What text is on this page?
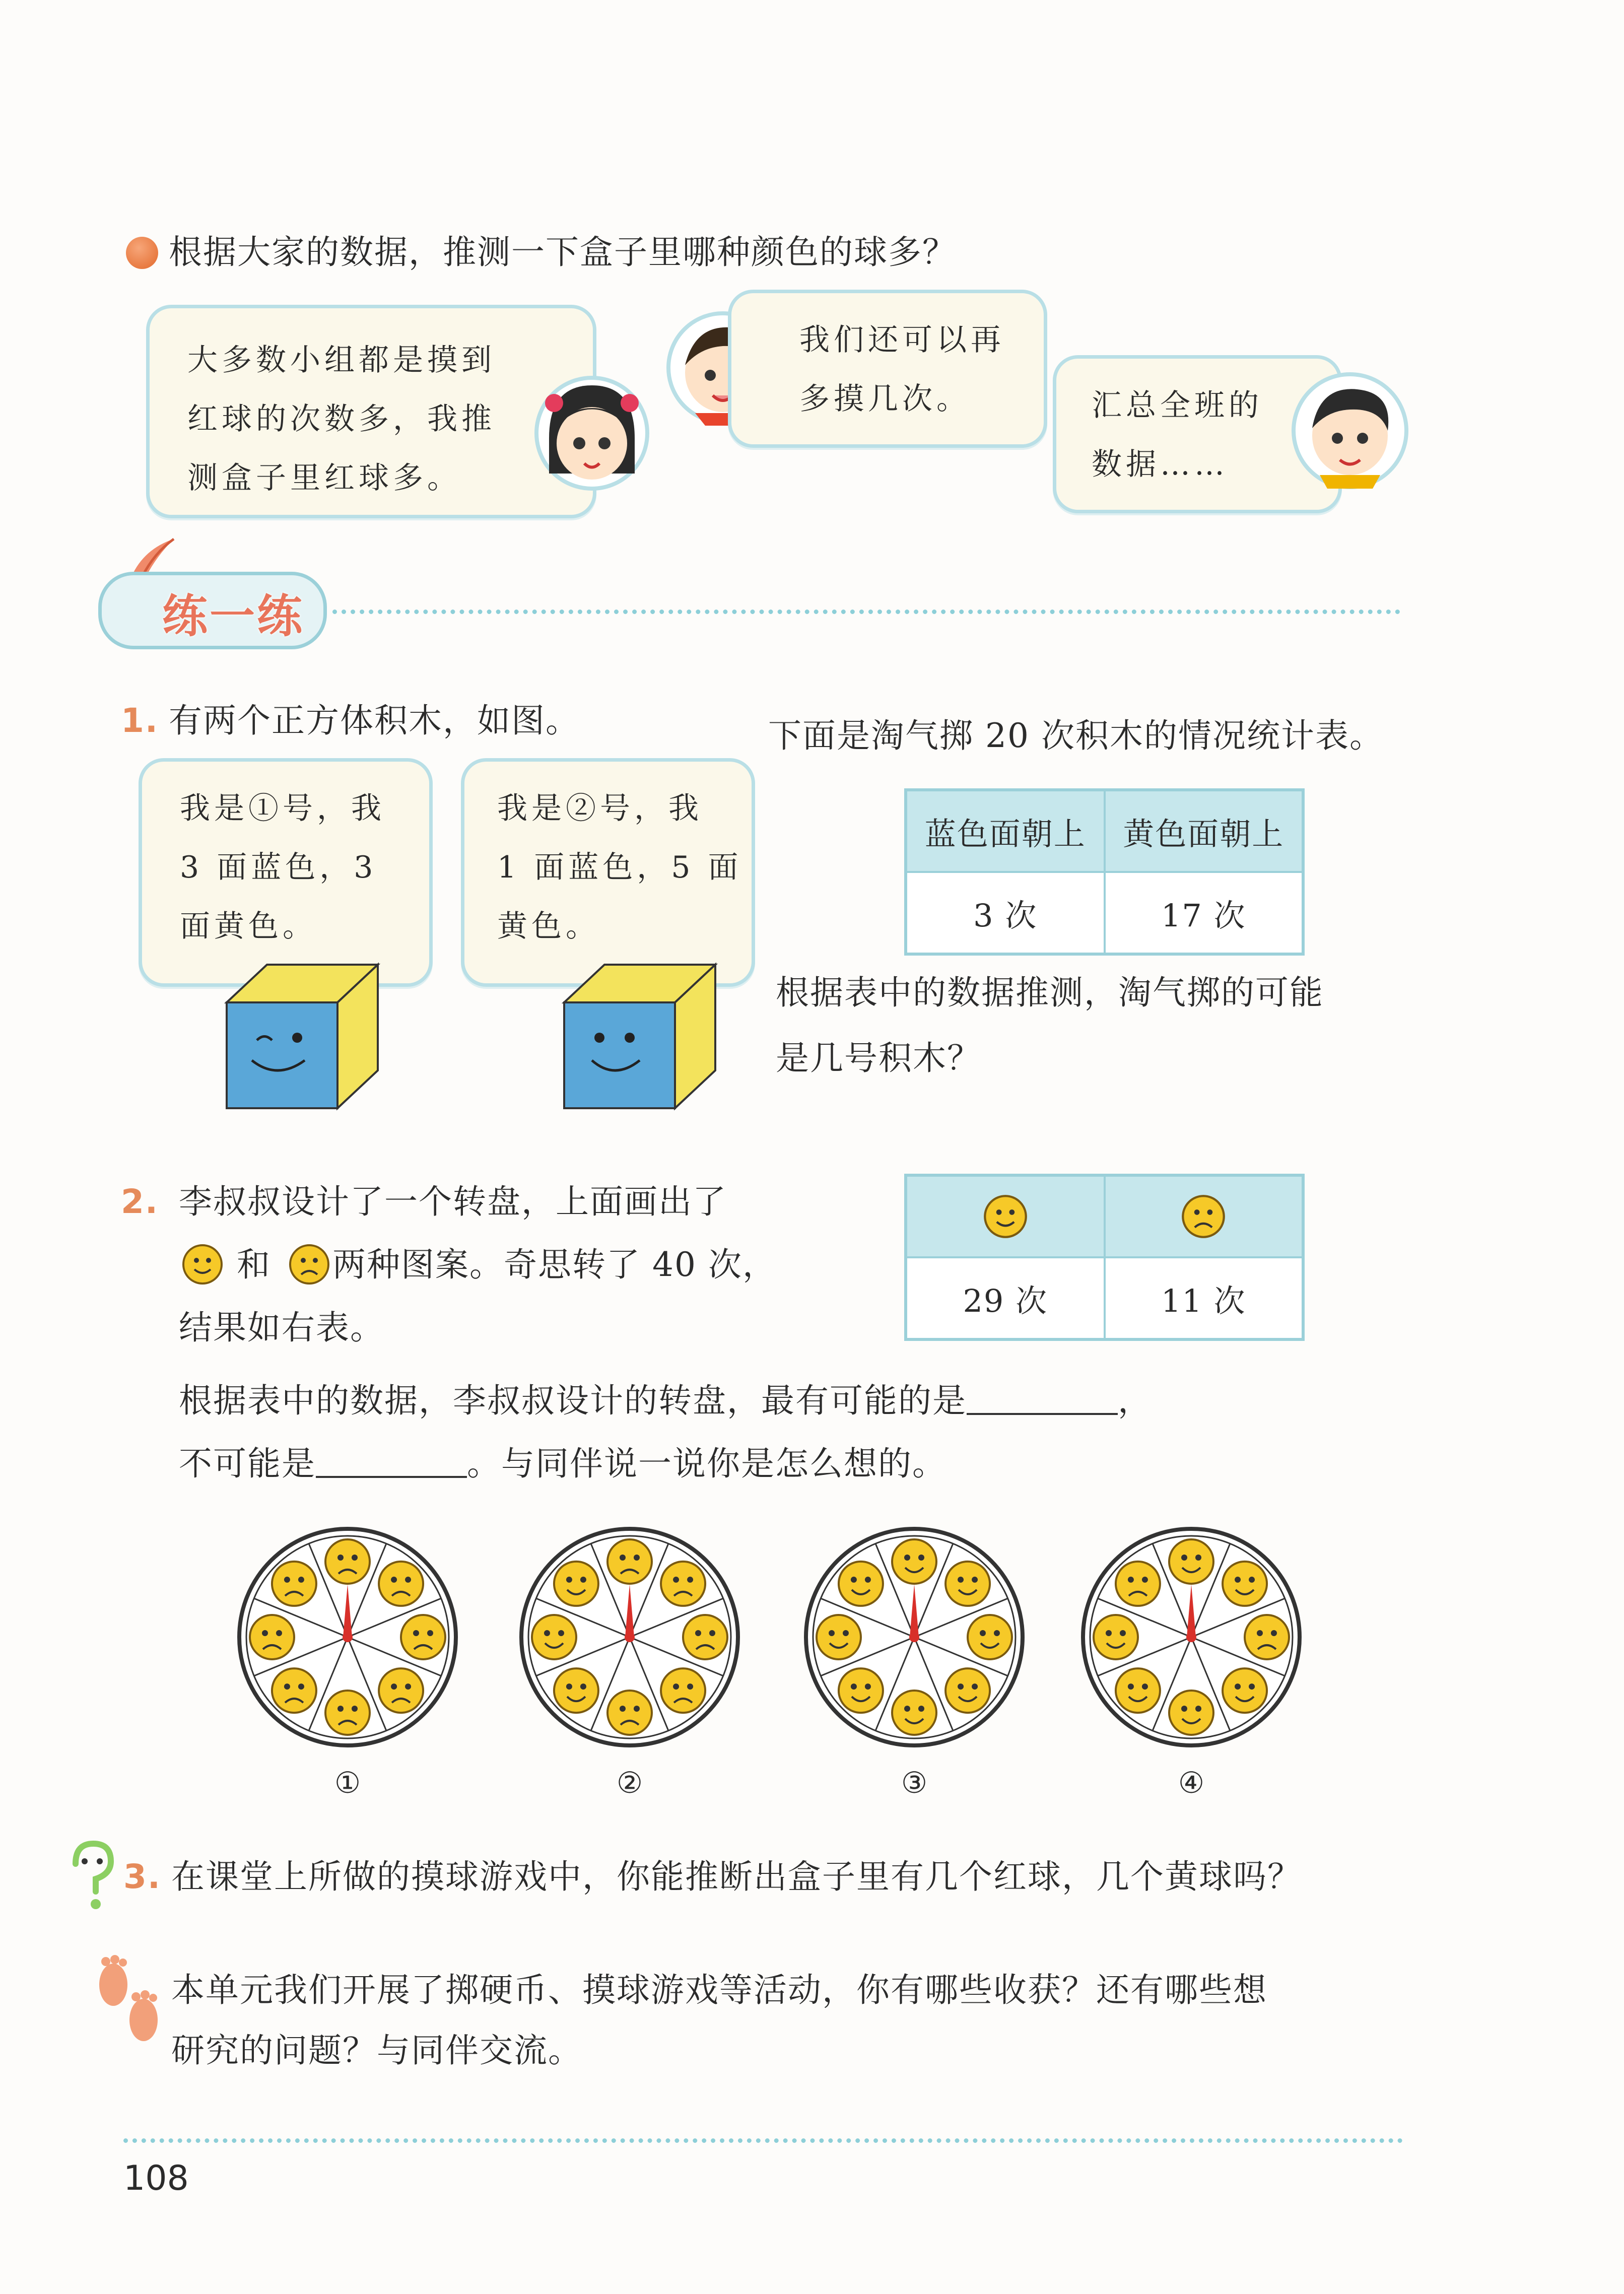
根据大家的数据，推测一下盒子里哪种颜色的球多？
大多数小组都是摸到
红球的次数多，我推
测盒子里红球多。
我们还可以再
多摸几次。	汇总全班的
数据……
练一练
1. 有两个正方体积木，如图。
我是①号，我
3 面蓝色，3
面黄色。
我是②号，我
1 面蓝色，5 面
黄色。
下面是淘气掷 20 次积木的情况统计表。
蓝色面朝上	黄色面朝上
3 次	17 次
根据表中的数据推测，淘气掷的可能
是几号积木？
2. 李叔叔设计了一个转盘，上面画出了
和 两种图案。奇思转了 40 次，
结果如右表。

29 次	11 次
根据表中的数据，李叔叔设计的转盘，最有可能的是	，
不可能是	。与同伴说一说你是怎么想的。
①	②	③	④
3. 在课堂上所做的摸球游戏中，你能推断出盒子里有几个红球，几个黄球吗？
本单元我们开展了掷硬币、摸球游戏等活动，你有哪些收获？还有哪些想
研究的问题？与同伴交流。
108
